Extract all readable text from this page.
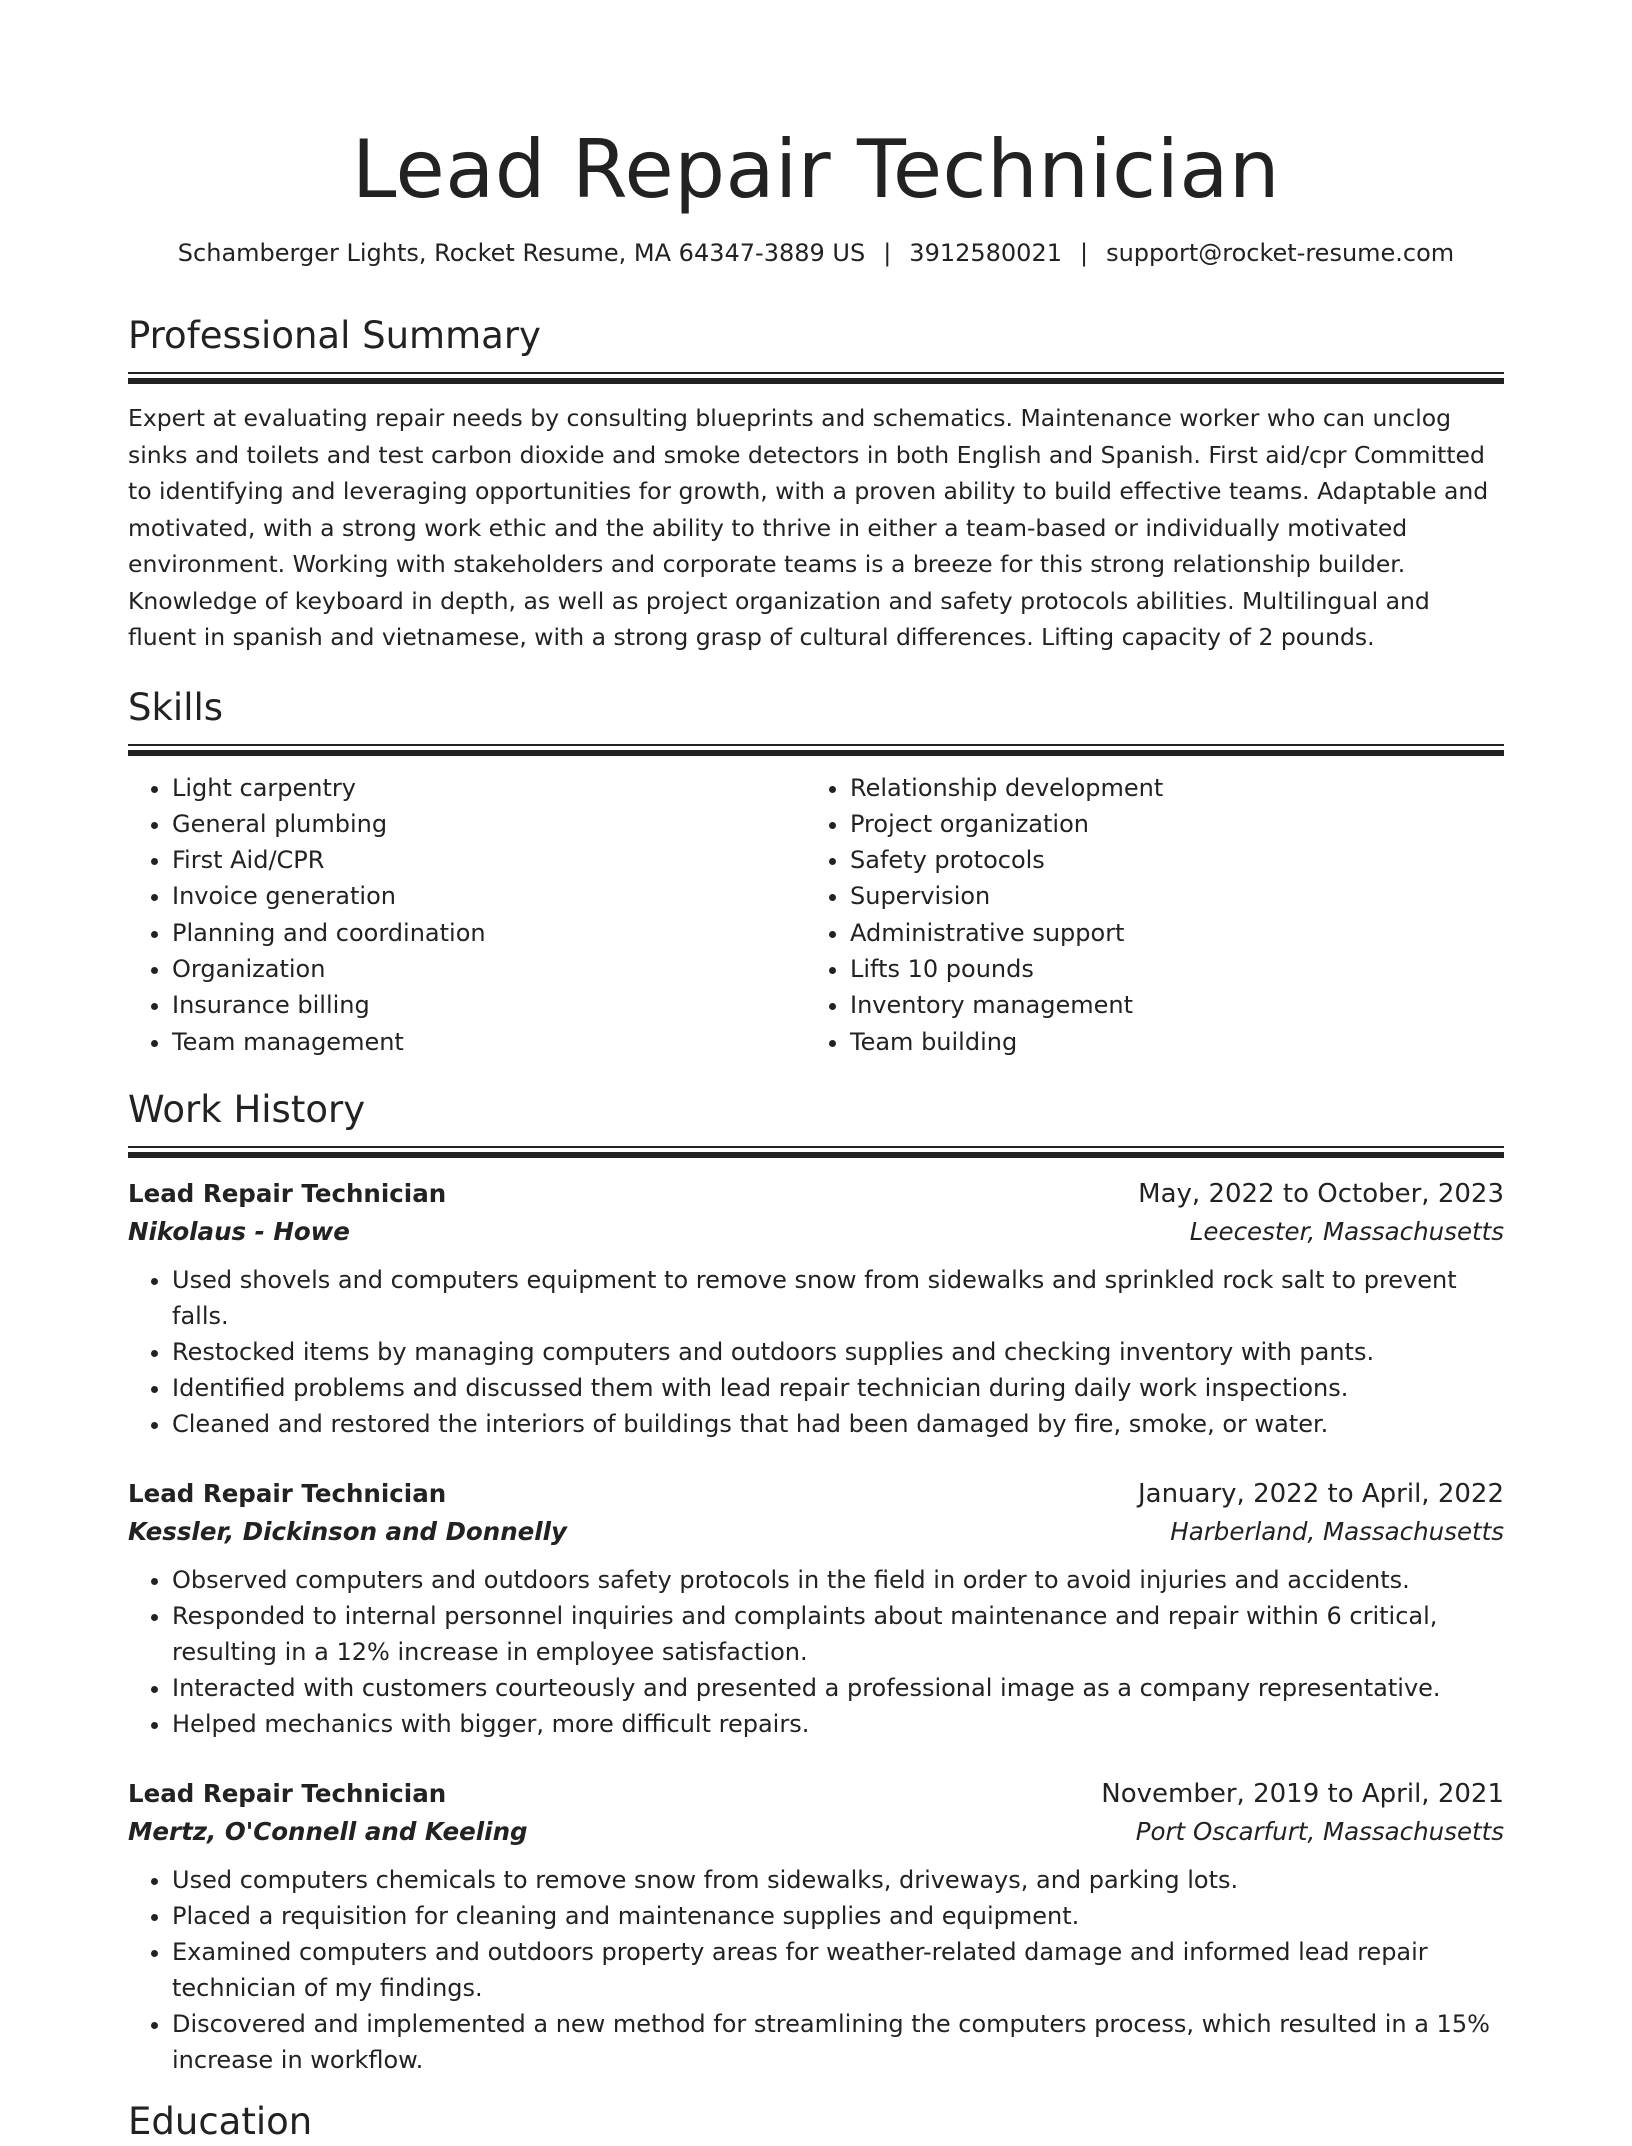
Lead Repair Technician
Schamberger Lights, Rocket Resume, MA 64347-3889 US | 3912580021 | support@rocket-resume.com
Professional Summary

Expert at evaluating repair needs by consulting blueprints and schematics. Maintenance worker who can unclog sinks and toilets and test carbon dioxide and smoke detectors in both English and Spanish. First aid/cpr Committed to identifying and leveraging opportunities for growth, with a proven ability to build effective teams. Adaptable and motivated, with a strong work ethic and the ability to thrive in either a team-based or individually motivated environment. Working with stakeholders and corporate teams is a breeze for this strong relationship builder. Knowledge of keyboard in depth, as well as project organization and safety protocols abilities. Multilingual and fluent in spanish and vietnamese, with a strong grasp of cultural differences. Lifting capacity of 2 pounds.

Skills
• Light carpentry
• General plumbing
• First Aid/CPR
• Invoice generation
• Planning and coordination
• Organization
• Insurance billing
• Team management
• Relationship development
• Project organization
• Safety protocols
• Supervision
• Administrative support
• Lifts 10 pounds
• Inventory management
• Team building
Work History
Lead Repair Technician	May, 2022 to October, 2023
Nikolaus - Howe	Leecester, Massachusetts
• Used shovels and computers equipment to remove snow from sidewalks and sprinkled rock salt to prevent falls.
• Restocked items by managing computers and outdoors supplies and checking inventory with pants.
• Identified problems and discussed them with lead repair technician during daily work inspections.
• Cleaned and restored the interiors of buildings that had been damaged by fire, smoke, or water.
Lead Repair Technician	January, 2022 to April, 2022
Kessler, Dickinson and Donnelly	Harberland, Massachusetts
• Observed computers and outdoors safety protocols in the field in order to avoid injuries and accidents.
• Responded to internal personnel inquiries and complaints about maintenance and repair within 6 critical, resulting in a 12% increase in employee satisfaction.
• Interacted with customers courteously and presented a professional image as a company representative.
• Helped mechanics with bigger, more difficult repairs.
Lead Repair Technician	November, 2019 to April, 2021
Mertz, O'Connell and Keeling	Port Oscarfurt, Massachusetts
• Used computers chemicals to remove snow from sidewalks, driveways, and parking lots.
• Placed a requisition for cleaning and maintenance supplies and equipment.
• Examined computers and outdoors property areas for weather-related damage and informed lead repair technician of my findings.
• Discovered and implemented a new method for streamlining the computers process, which resulted in a 15% increase in workflow.
Education
